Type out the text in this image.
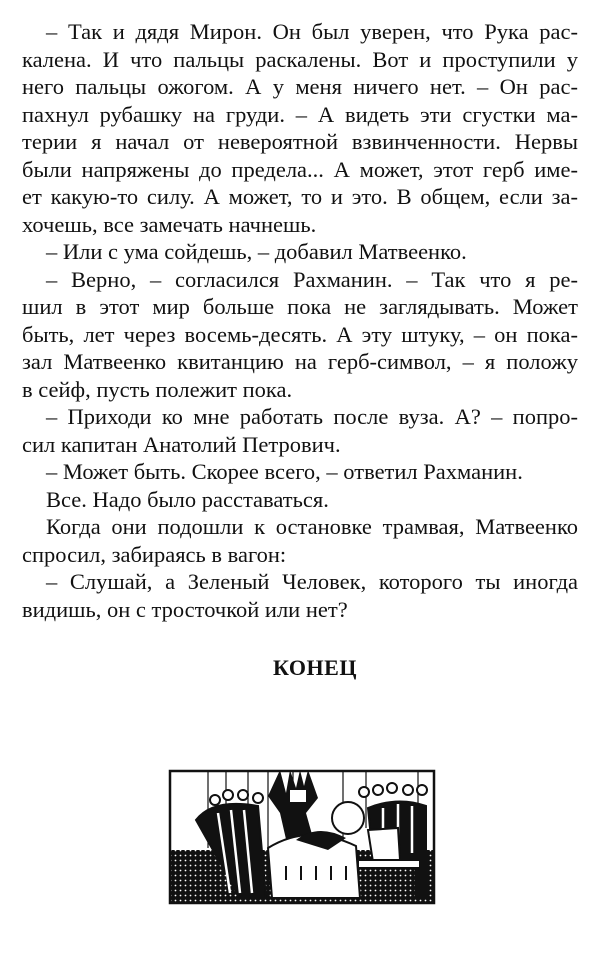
– Так и дядя Мирон. Он был уверен, что Рука рас-
калена. И что пальцы раскалены. Вот и проступили у
него пальцы ожогом. А у меня ничего нет. – Он рас-
пахнул рубашку на груди. – А видеть эти сгустки ма-
терии я начал от невероятной взвинченности. Нервы
были напряжены до предела... А может, этот герб име-
ет какую-то силу. А может, то и это. В общем, если за-
хочешь, все замечать начнешь.
– Или с ума сойдешь, – добавил Матвеенко.
– Верно, – согласился Рахманин. – Так что я ре-
шил в этот мир больше пока не заглядывать. Может
быть, лет через восемь-десять. А эту штуку, – он пока-
зал Матвеенко квитанцию на герб-символ, – я положу
в сейф, пусть полежит пока.
– Приходи ко мне работать после вуза. А? – попро-
сил капитан Анатолий Петрович.
– Может быть. Скорее всего, – ответил Рахманин.
Все. Надо было расставаться.
Когда они подошли к остановке трамвая, Матвеенко
спросил, забираясь в вагон:
– Слушай, а Зеленый Человек, которого ты иногда
видишь, он с тросточкой или нет?
КОНЕЦ
